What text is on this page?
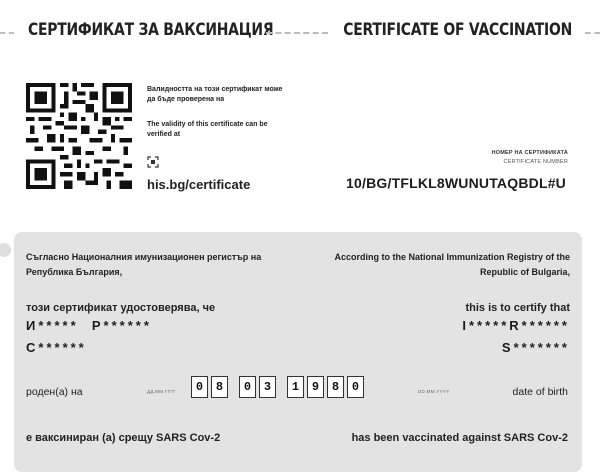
СЕРТИФИКАТ ЗА ВАКСИНАЦИЯ	CERTIFICATE OF VACCINATION
Валидността на този сертификат може да бъде проверена на
The validity of this certificate can be verified at
his.bg/certificate
НОМЕР НА СЕРТИФИКАТА
CERTIFICATE NUMBER
10/BG/TFLKL8WUNUTAQBDL#U
Съгласно Националния имунизационен регистър на Република България,
According to the National Immunization Registry of the Republic of Bulgaria,
този сертификат удостоверява, че	this is to certify that
И*****  Р******
С******
I*****R******
S*******
роден(а) на	ДД.ММ.ГГГГ	0	8	0	3	1	9	8	0	DD.MM.YYYY	date of birth
е ваксиниран (а) срещу SARS Cov-2	has been vaccinated against SARS Cov-2
